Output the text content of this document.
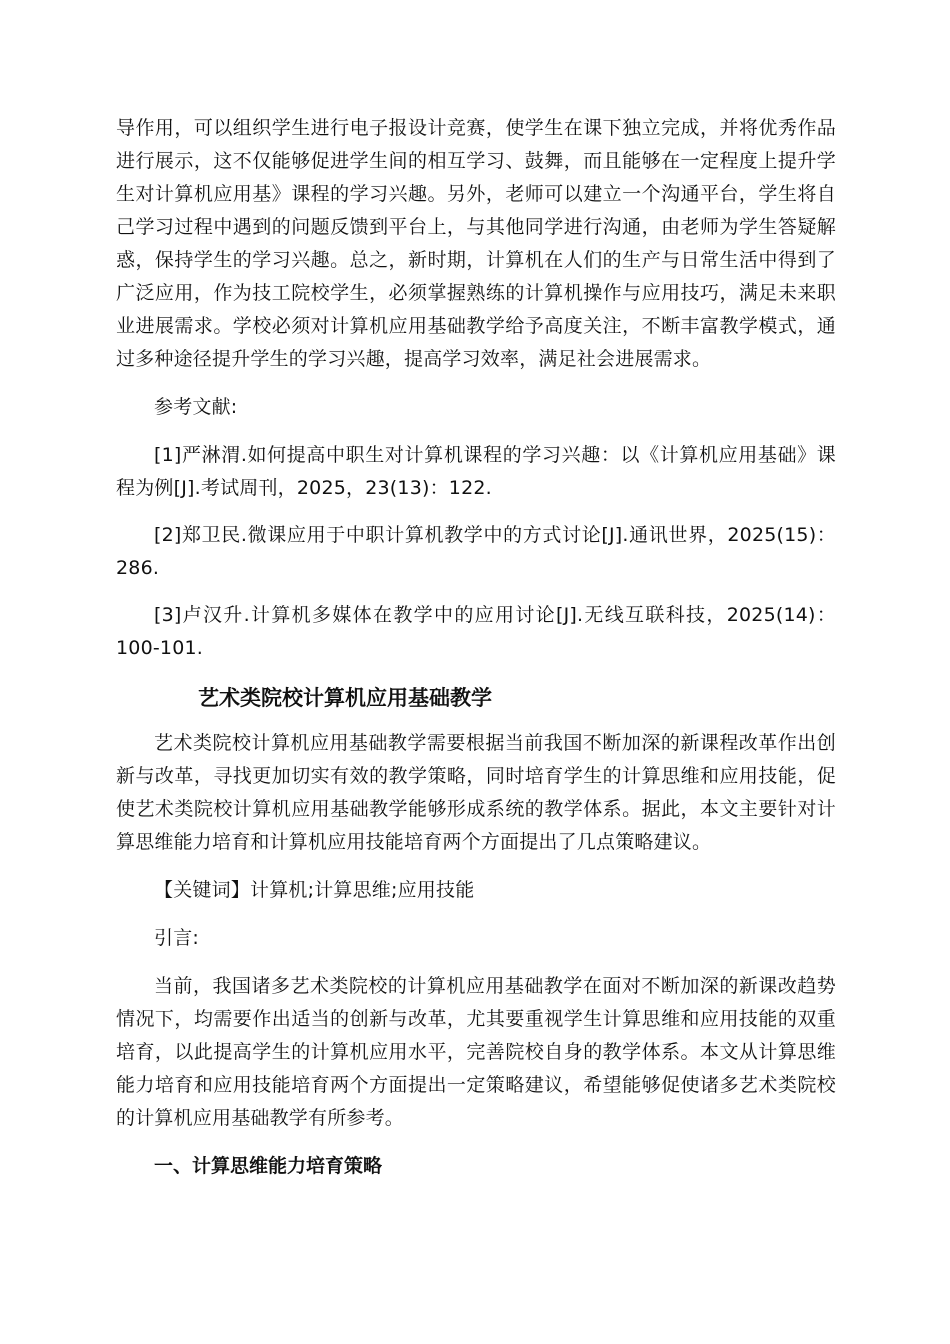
导作用，可以组织学生进行电子报设计竞赛，使学生在课下独立完成，并将优秀作品进行展示，这不仅能够促进学生间的相互学习、鼓舞，而且能够在一定程度上提升学生对计算机应用基》课程的学习兴趣。另外，老师可以建立一个沟通平台，学生将自己学习过程中遇到的问题反馈到平台上，与其他同学进行沟通，由老师为学生答疑解惑，保持学生的学习兴趣。总之，新时期，计算机在人们的生产与日常生活中得到了广泛应用，作为技工院校学生，必须掌握熟练的计算机操作与应用技巧，满足未来职业进展需求。学校必须对计算机应用基础教学给予高度关注，不断丰富教学模式，通过多种途径提升学生的学习兴趣，提高学习效率，满足社会进展需求。

参考文献:

[1]严淋渭.如何提高中职生对计算机课程的学习兴趣：以《计算机应用基础》课程为例[J].考试周刊，2025，23(13)：122.

[2]郑卫民.微课应用于中职计算机教学中的方式讨论[J].通讯世界，2025(15)：286.

[3]卢汉升.计算机多媒体在教学中的应用讨论[J].无线互联科技，2025(14)：100-101.

艺术类院校计算机应用基础教学

艺术类院校计算机应用基础教学需要根据当前我国不断加深的新课程改革作出创新与改革，寻找更加切实有效的教学策略，同时培育学生的计算思维和应用技能，促使艺术类院校计算机应用基础教学能够形成系统的教学体系。据此，本文主要针对计算思维能力培育和计算机应用技能培育两个方面提出了几点策略建议。

【关键词】计算机;计算思维;应用技能

引言:

当前，我国诸多艺术类院校的计算机应用基础教学在面对不断加深的新课改趋势情况下，均需要作出适当的创新与改革，尤其要重视学生计算思维和应用技能的双重培育，以此提高学生的计算机应用水平，完善院校自身的教学体系。本文从计算思维能力培育和应用技能培育两个方面提出一定策略建议，希望能够促使诸多艺术类院校的计算机应用基础教学有所参考。

一、计算思维能力培育策略
